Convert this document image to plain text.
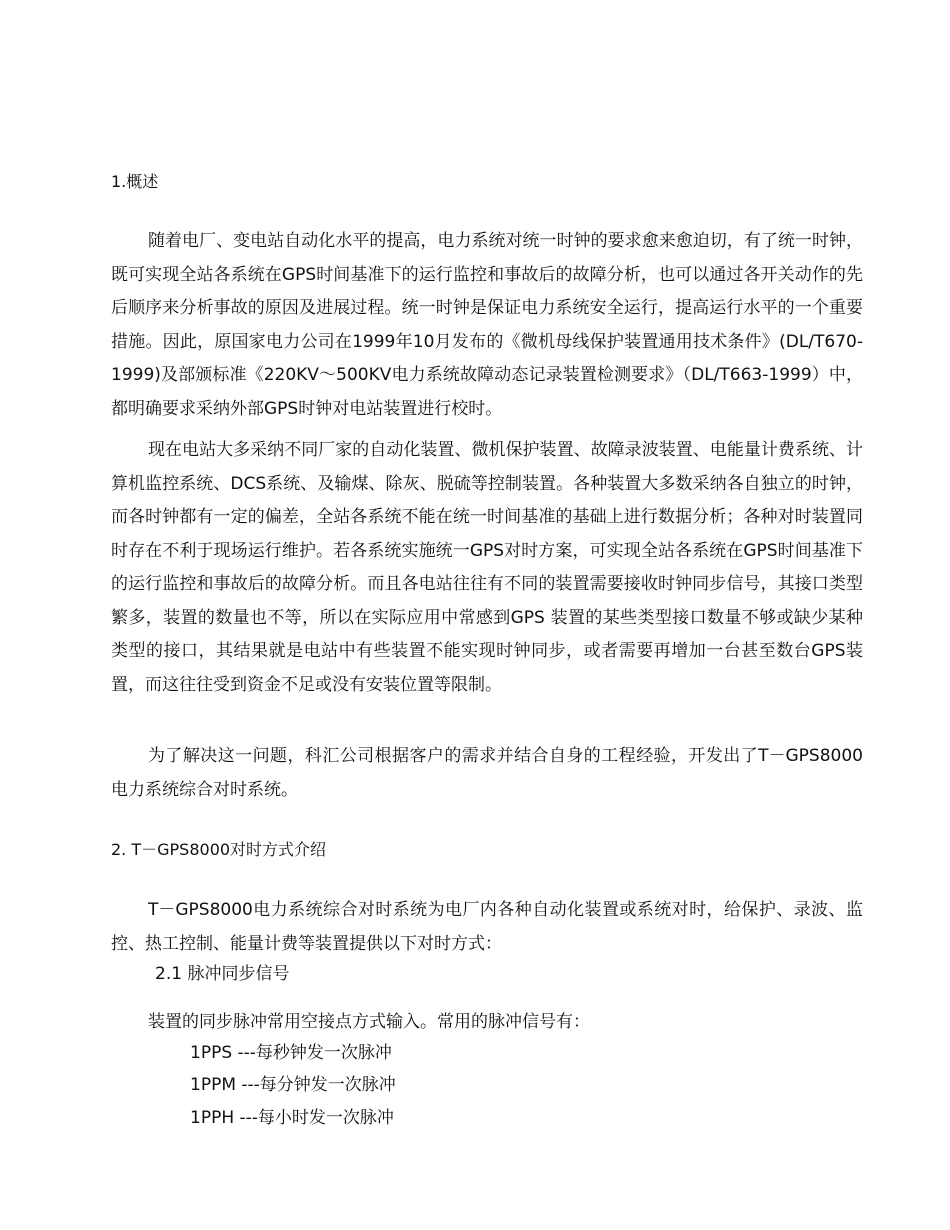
1.概述

随着电厂、变电站自动化水平的提高，电力系统对统一时钟的要求愈来愈迫切，有了统一时钟，既可实现全站各系统在GPS时间基准下的运行监控和事故后的故障分析，也可以通过各开关动作的先后顺序来分析事故的原因及进展过程。统一时钟是保证电力系统安全运行，提高运行水平的一个重要措施。因此，原国家电力公司在1999年10月发布的《微机母线保护装置通用技术条件》(DL/T670-1999)及部颁标准《220KV～500KV电力系统故障动态记录装置检测要求》（DL/T663-1999）中，都明确要求采纳外部GPS时钟对电站装置进行校时。

现在电站大多采纳不同厂家的自动化装置、微机保护装置、故障录波装置、电能量计费系统、计算机监控系统、DCS系统、及输煤、除灰、脱硫等控制装置。各种装置大多数采纳各自独立的时钟，而各时钟都有一定的偏差，全站各系统不能在统一时间基准的基础上进行数据分析；各种对时装置同时存在不利于现场运行维护。若各系统实施统一GPS对时方案，可实现全站各系统在GPS时间基准下的运行监控和事故后的故障分析。而且各电站往往有不同的装置需要接收时钟同步信号，其接口类型繁多，装置的数量也不等，所以在实际应用中常感到GPS 装置的某些类型接口数量不够或缺少某种类型的接口，其结果就是电站中有些装置不能实现时钟同步，或者需要再增加一台甚至数台GPS装置，而这往往受到资金不足或没有安装位置等限制。

为了解决这一问题，科汇公司根据客户的需求并结合自身的工程经验，开发出了T－GPS8000电力系统综合对时系统。

2. T－GPS8000对时方式介绍

T－GPS8000电力系统综合对时系统为电厂内各种自动化装置或系统对时，给保护、录波、监控、热工控制、能量计费等装置提供以下对时方式：

2.1 脉冲同步信号
装置的同步脉冲常用空接点方式输入。常用的脉冲信号有：
1PPS ---每秒钟发一次脉冲
1PPM ---每分钟发一次脉冲
1PPH ---每小时发一次脉冲
